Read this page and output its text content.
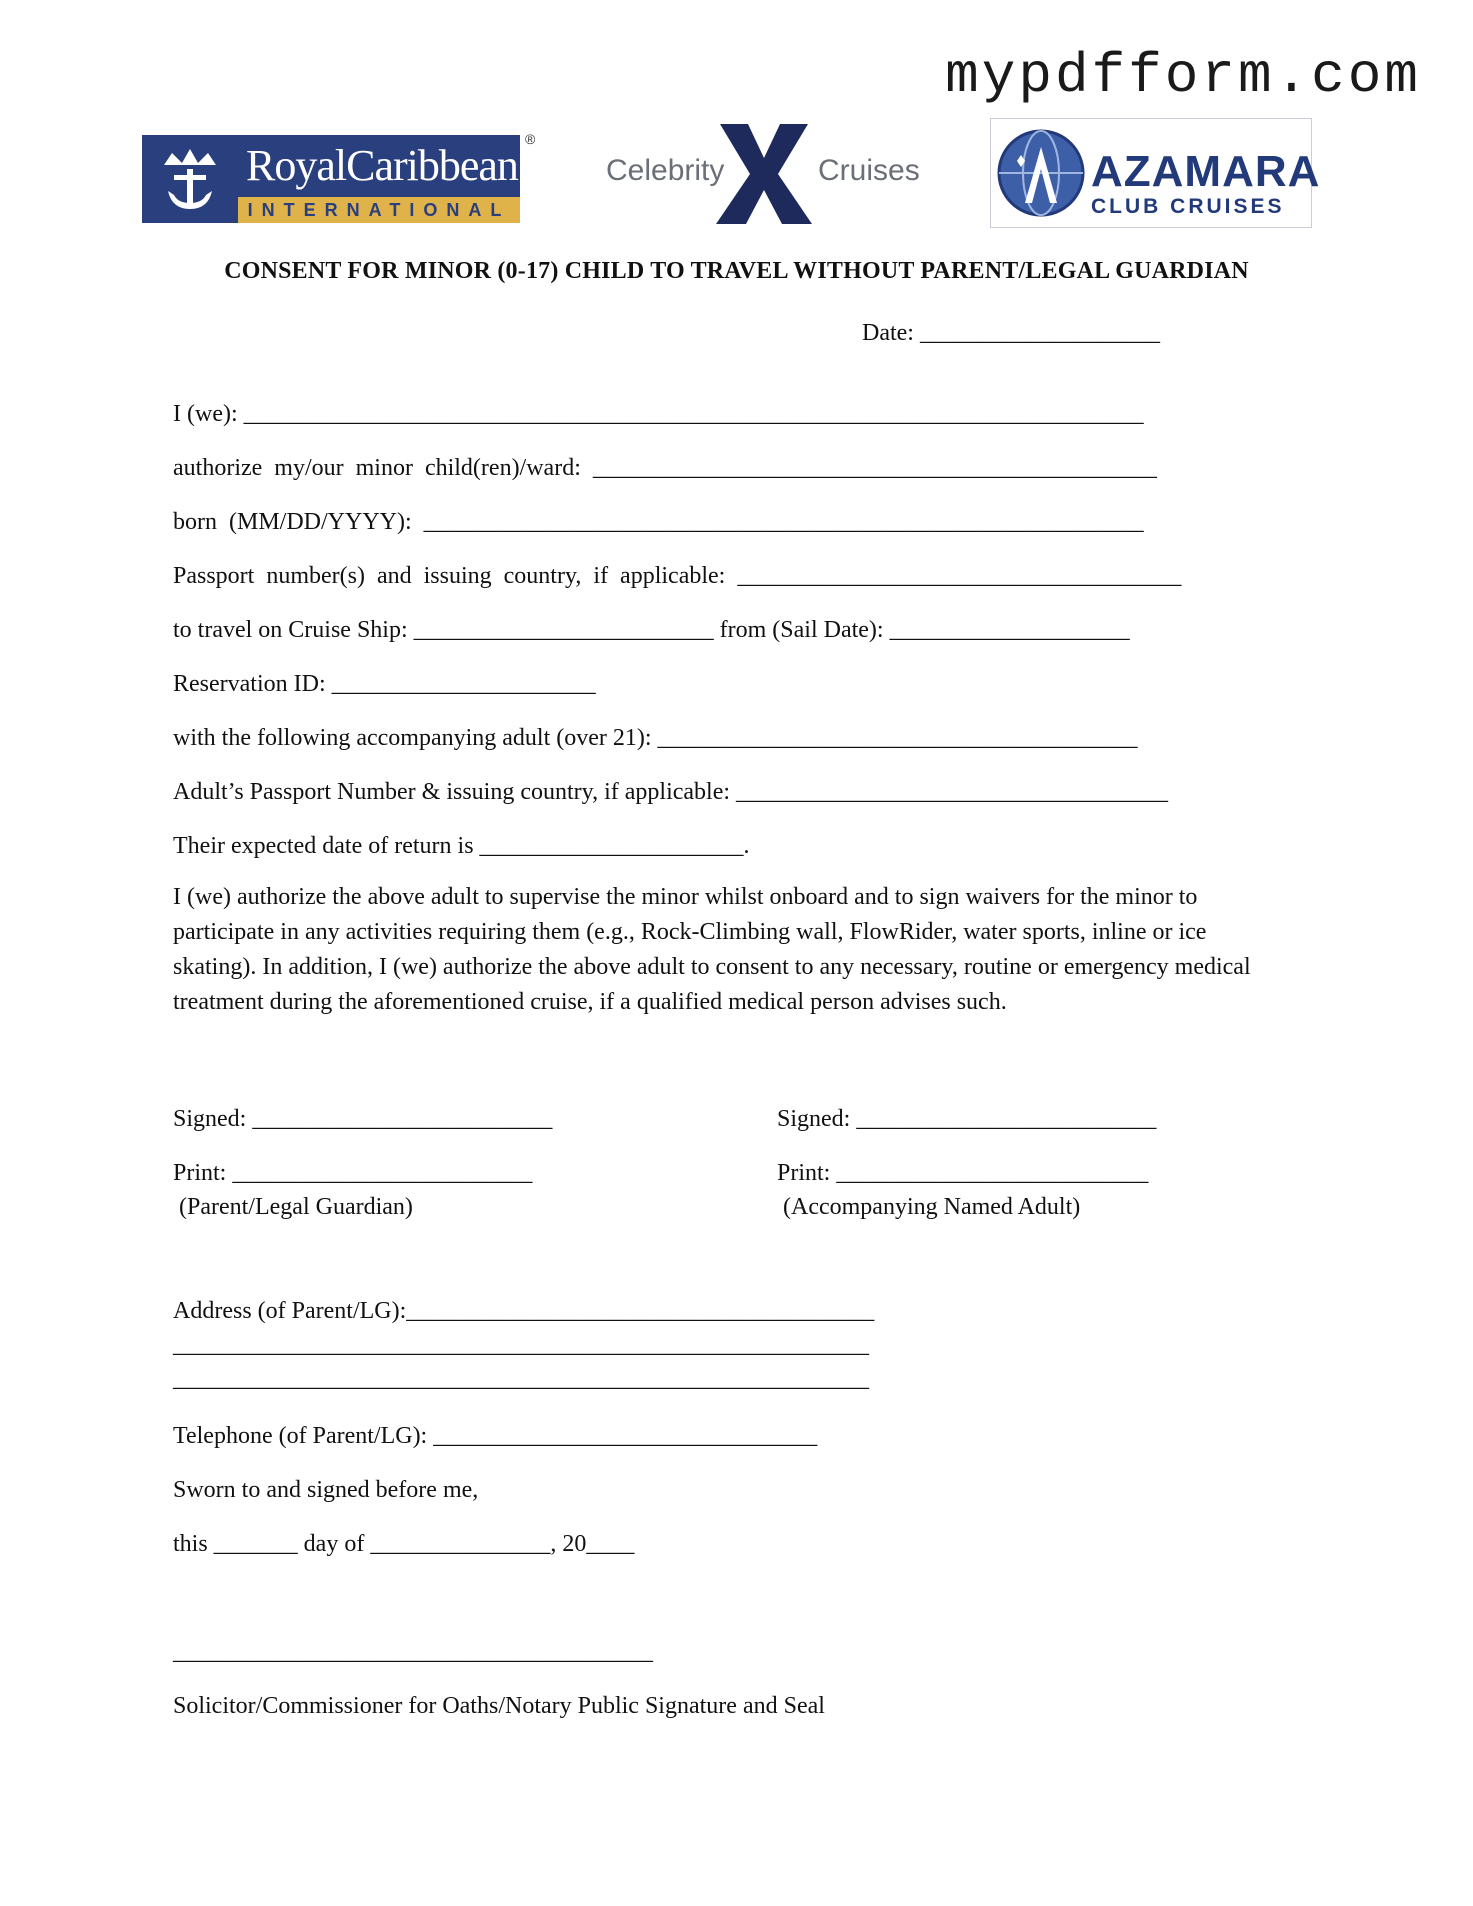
mypdfform.com
RoyalCaribbean
INTERNATIONAL
®
Celebrity	Cruises	AZAMARA
CLUB CRUISES
CONSENT FOR MINOR (0-17) CHILD TO TRAVEL WITHOUT PARENT/LEGAL GUARDIAN
Date: ____________________
I (we): ___________________________________________________________________________
authorize  my/our  minor  child(ren)/ward:  _______________________________________________
born  (MM/DD/YYYY):  ____________________________________________________________
Passport  number(s)  and  issuing  country,  if  applicable:  _____________________________________
to travel on Cruise Ship: _________________________ from (Sail Date): ____________________
Reservation ID: ______________________
with the following accompanying adult (over 21): ________________________________________
Adult’s Passport Number & issuing country, if applicable: ____________________________________
Their expected date of return is ______________________.
I (we) authorize the above adult to supervise the minor whilst onboard and to sign waivers for the minor to participate in any activities requiring them (e.g., Rock-Climbing wall, FlowRider, water sports, inline or ice skating). In addition, I (we) authorize the above adult to consent to any necessary, routine or emergency medical treatment during the aforementioned cruise, if a qualified medical person advises such.
Signed: _________________________
Print: _________________________
(Parent/Legal Guardian)
Signed: _________________________
Print: __________________________
(Accompanying Named Adult)
Address (of Parent/LG):_______________________________________
__________________________________________________________
__________________________________________________________
Telephone (of Parent/LG): ________________________________
Sworn to and signed before me,
this _______ day of _______________, 20____
________________________________________
Solicitor/Commissioner for Oaths/Notary Public Signature and Seal
